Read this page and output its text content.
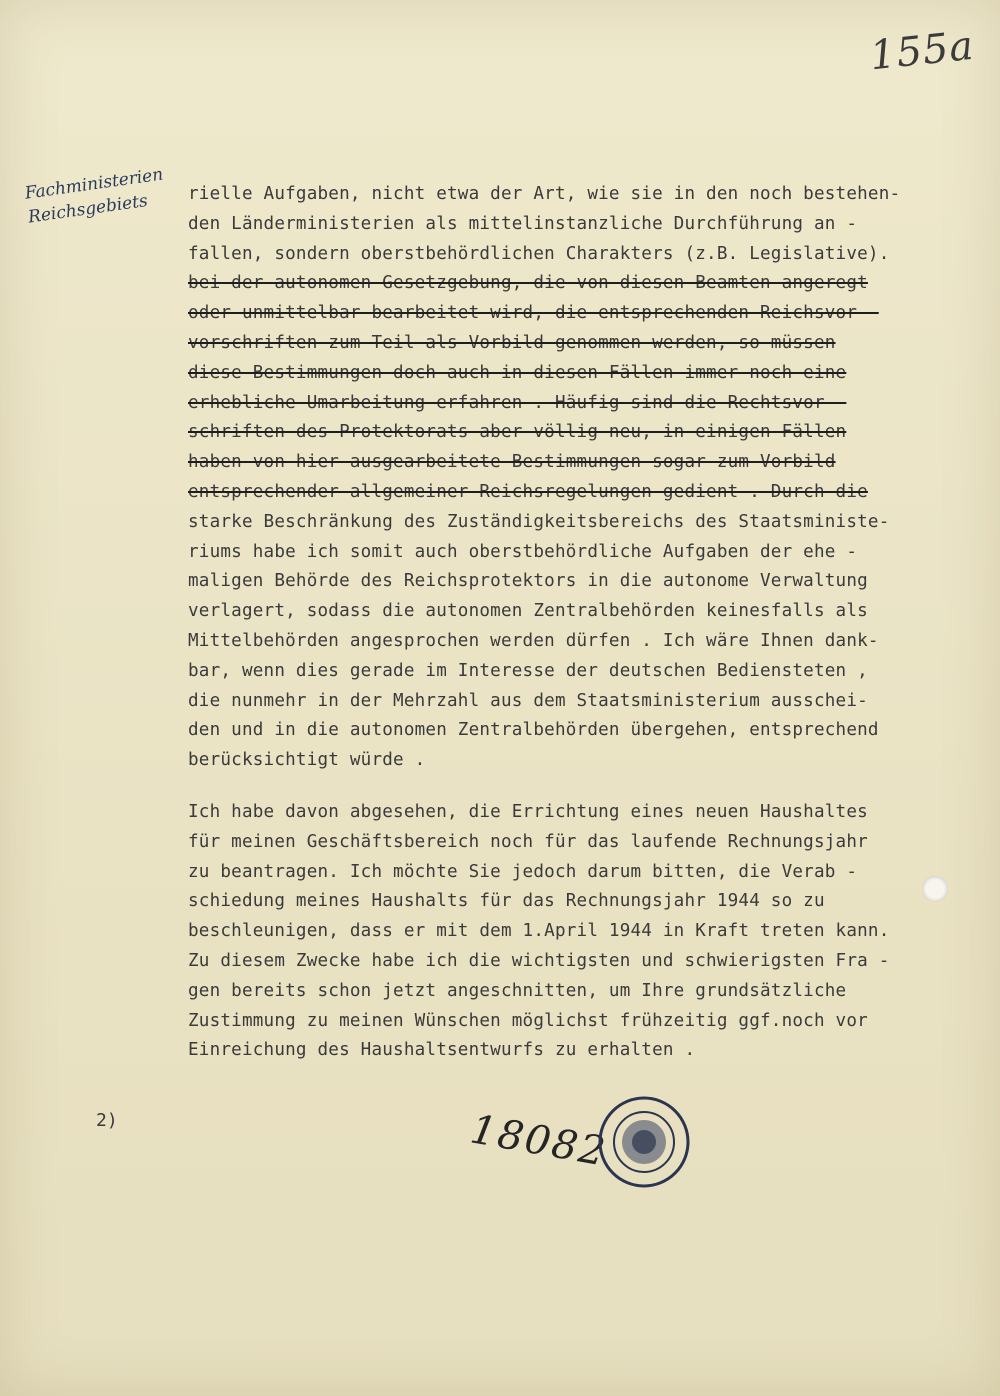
155a
Fachministerien Reichsgebiets	rielle Aufgaben, nicht etwa der Art, wie sie in den noch bestehen-
den Länderministerien als mittelinstanzliche Durchführung an -
fallen, sondern oberstbehördlichen Charakters (z.B. Legislative).
bei der autonomen Gesetzgebung, die von diesen Beamten angeregt
oder unmittelbar bearbeitet wird, die entsprechenden Reichsvor -
vorschriften zum Teil als Vorbild genommen werden, so müssen
diese Bestimmungen doch auch in diesen Fällen immer noch eine
erhebliche Umarbeitung erfahren . Häufig sind die Rechtsvor -
schriften des Protektorats aber völlig neu, in einigen Fällen
haben von hier ausgearbeitete Bestimmungen sogar zum Vorbild
entsprechender allgemeiner Reichsregelungen gedient . Durch die
starke Beschränkung des Zuständigkeitsbereichs des Staatsministe-
riums habe ich somit auch oberstbehördliche Aufgaben der ehe -
maligen Behörde des Reichsprotektors in die autonome Verwaltung
verlagert, sodass die autonomen Zentralbehörden keinesfalls als
Mittelbehörden angesprochen werden dürfen . Ich wäre Ihnen dank-
bar, wenn dies gerade im Interesse der deutschen Bediensteten ,
die nunmehr in der Mehrzahl aus dem Staatsministerium ausschei-
den und in die autonomen Zentralbehörden übergehen, entsprechend
berücksichtigt würde .
Ich habe davon abgesehen, die Errichtung eines neuen Haushaltes
für meinen Geschäftsbereich noch für das laufende Rechnungsjahr
zu beantragen. Ich möchte Sie jedoch darum bitten, die Verab -
schiedung meines Haushalts für das Rechnungsjahr 1944 so zu
beschleunigen, dass er mit dem 1.April 1944 in Kraft treten kann.
Zu diesem Zwecke habe ich die wichtigsten und schwierigsten Fra -
gen bereits schon jetzt angeschnitten, um Ihre grundsätzliche
Zustimmung zu meinen Wünschen möglichst frühzeitig ggf.noch vor
Einreichung des Haushaltsentwurfs zu erhalten .
2)	18082
